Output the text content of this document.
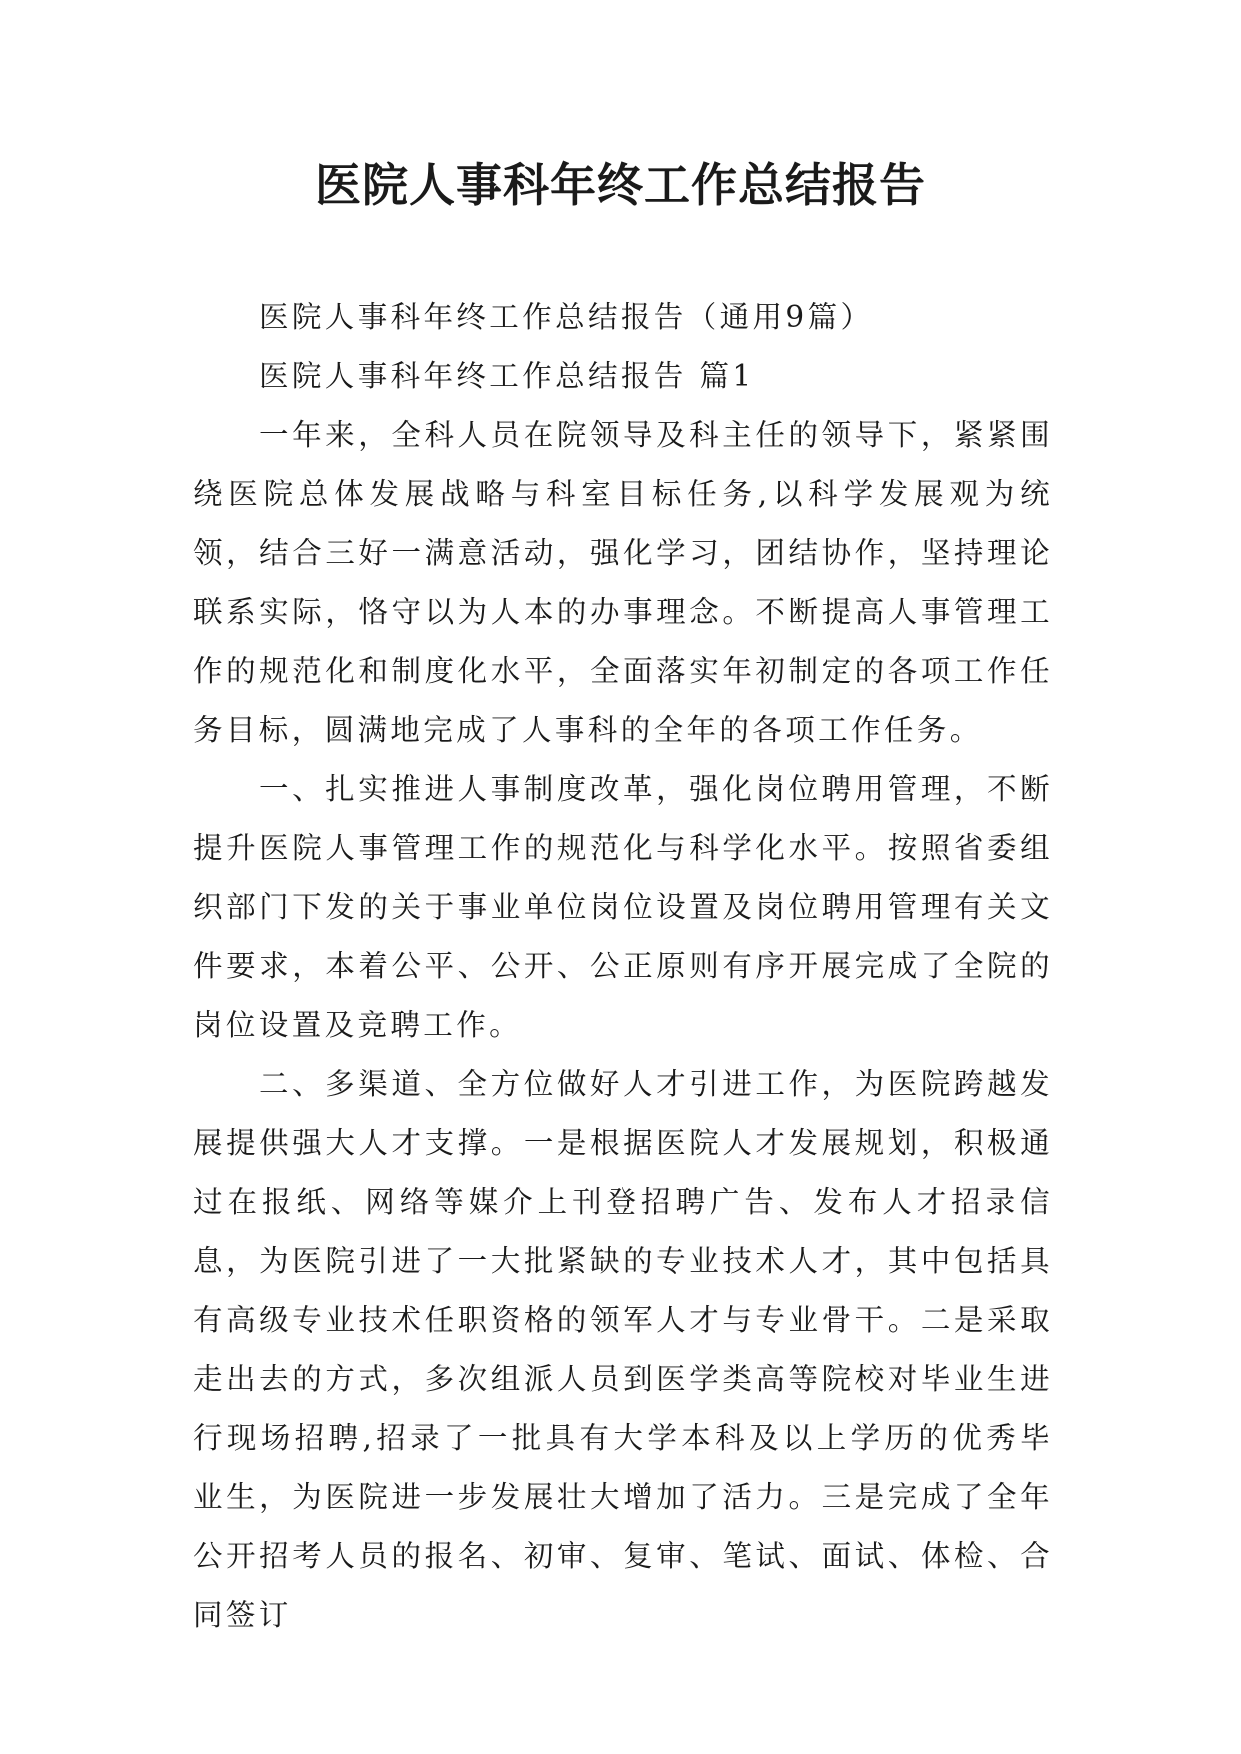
医院人事科年终工作总结报告

医院人事科年终工作总结报告（通用9篇）

医院人事科年终工作总结报告 篇1

一年来，全科人员在院领导及科主任的领导下，紧紧围绕医院总体发展战略与科室目标任务,以科学发展观为统领，结合三好一满意活动，强化学习，团结协作，坚持理论联系实际，恪守以为人本的办事理念。不断提高人事管理工作的规范化和制度化水平，全面落实年初制定的各项工作任务目标，圆满地完成了人事科的全年的各项工作任务。

一、扎实推进人事制度改革，强化岗位聘用管理，不断提升医院人事管理工作的规范化与科学化水平。按照省委组织部门下发的关于事业单位岗位设置及岗位聘用管理有关文件要求，本着公平、公开、公正原则有序开展完成了全院的岗位设置及竞聘工作。

二、多渠道、全方位做好人才引进工作，为医院跨越发展提供强大人才支撑。一是根据医院人才发展规划，积极通过在报纸、网络等媒介上刊登招聘广告、发布人才招录信息，为医院引进了一大批紧缺的专业技术人才，其中包括具有高级专业技术任职资格的领军人才与专业骨干。二是采取走出去的方式，多次组派人员到医学类高等院校对毕业生进行现场招聘,招录了一批具有大学本科及以上学历的优秀毕业生，为医院进一步发展壮大增加了活力。三是完成了全年公开招考人员的报名、初审、复审、笔试、面试、体检、合同签订
